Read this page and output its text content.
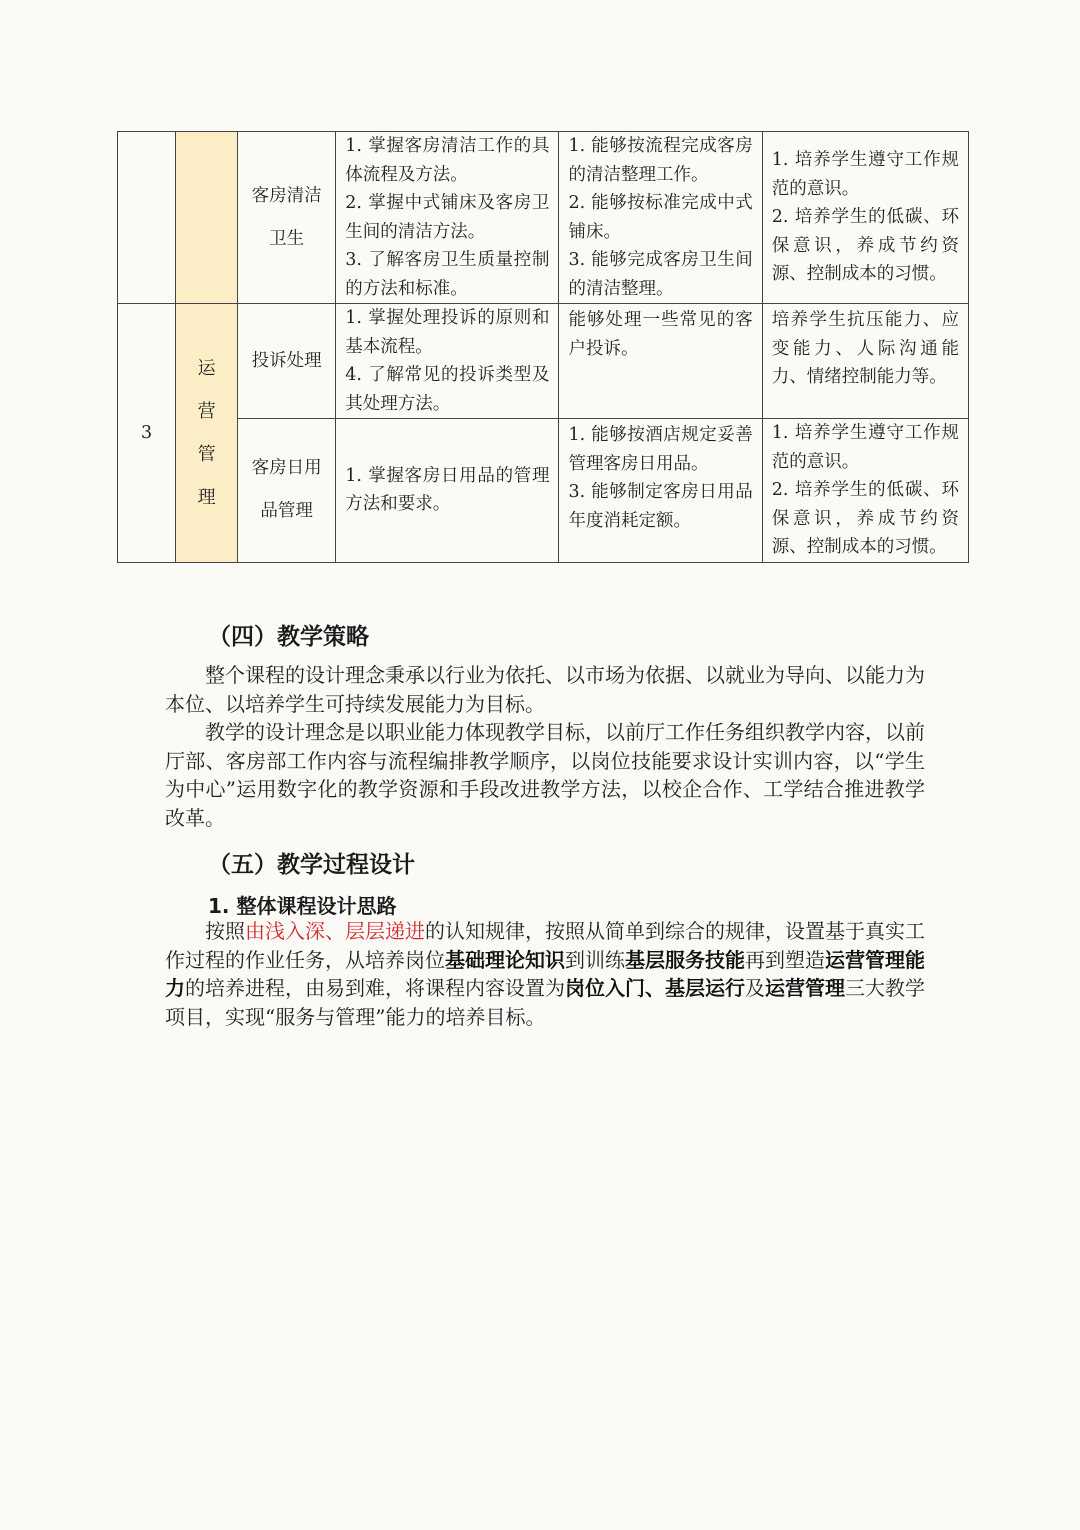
		客房清洁卫生	1. 掌握客房清洁工作的具体流程及方法。
2. 掌握中式铺床及客房卫生间的清洁方法。
3. 了解客房卫生质量控制的方法和标准。	1. 能够按流程完成客房的清洁整理工作。
2. 能够按标准完成中式铺床。
3. 能够完成客房卫生间的清洁整理。	1. 培养学生遵守工作规范的意识。
2. 培养学生的低碳、环保意识，养成节约资源、控制成本的习惯。

3	运营管理	投诉处理	1. 掌握处理投诉的原则和基本流程。
4. 了解常见的投诉类型及其处理方法。	能够处理一些常见的客户投诉。	培养学生抗压能力、应变能力、人际沟通能力、情绪控制能力等。

		客房日用品管理	1. 掌握客房日用品的管理方法和要求。	1. 能够按酒店规定妥善管理客房日用品。
3. 能够制定客房日用品年度消耗定额。	1. 培养学生遵守工作规范的意识。
2. 培养学生的低碳、环保意识，养成节约资源、控制成本的习惯。
（四）教学策略
整个课程的设计理念秉承以行业为依托、以市场为依据、以就业为导向、以能力为本位、以培养学生可持续发展能力为目标。
教学的设计理念是以职业能力体现教学目标，以前厅工作任务组织教学内容，以前厅部、客房部工作内容与流程编排教学顺序，以岗位技能要求设计实训内容，以“学生为中心”运用数字化的教学资源和手段改进教学方法，以校企合作、工学结合推进教学改革。
（五）教学过程设计
1. 整体课程设计思路
按照由浅入深、层层递进的认知规律，按照从简单到综合的规律，设置基于真实工作过程的作业任务，从培养岗位基础理论知识到训练基层服务技能再到塑造运营管理能力的培养进程，由易到难，将课程内容设置为岗位入门、基层运行及运营管理三大教学项目，实现“服务与管理”能力的培养目标。
